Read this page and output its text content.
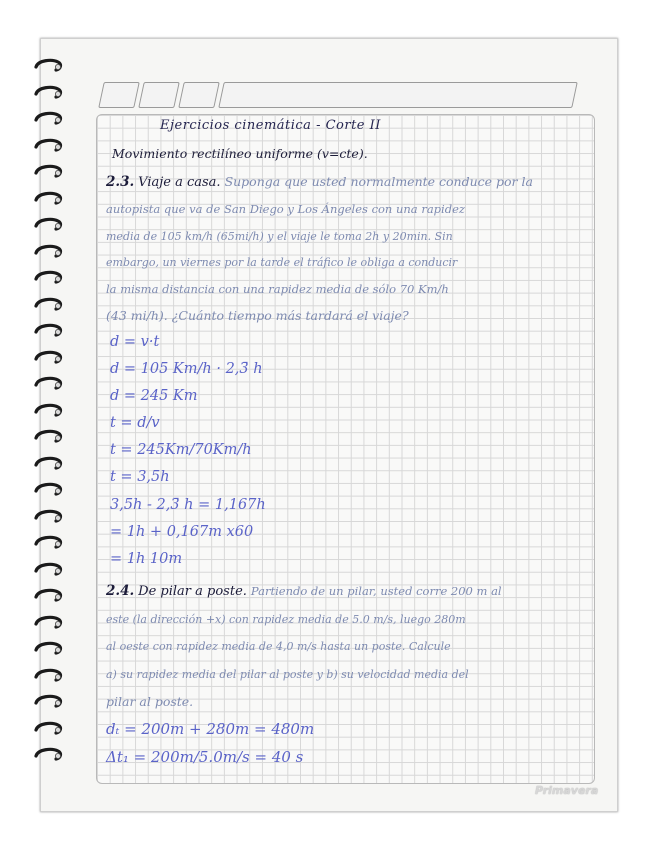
Ejercicios cinemática - Corte II
Movimiento rectilíneo uniforme (v=cte).
2.3. Viaje a casa. Suponga que usted normalmente conduce por la
autopista que va de San Diego y Los Ángeles con una rapidez
media de 105 km/h (65mi/h) y el viaje le toma 2h y 20min. Sin
embargo, un viernes por la tarde el tráfico le obliga a conducir
la misma distancia con una rapidez media de sólo 70 Km/h
(43 mi/h). ¿Cuánto tiempo más tardará el viaje?
d = v·t
d = 105 Km/h · 2,3̄ h
d = 245 Km
t = d/v
t = 245Km/70Km/h
t = 3,5h
3,5h - 2,3̄ h = 1,167h
= 1h + 0,167m x60
= 1h 10m
2.4. De pilar a poste. Partiendo de un pilar, usted corre 200 m al
este (la dirección +x) con rapidez media de 5.0 m/s, luego 280m
al oeste con rapidez media de 4,0 m/s hasta un poste. Calcule
a) su rapidez media del pilar al poste y b) su velocidad media del
pilar al poste.
dₜ = 200m + 280m = 480m
Δt₁ = 200m/5.0m/s = 40 s
Primavera
